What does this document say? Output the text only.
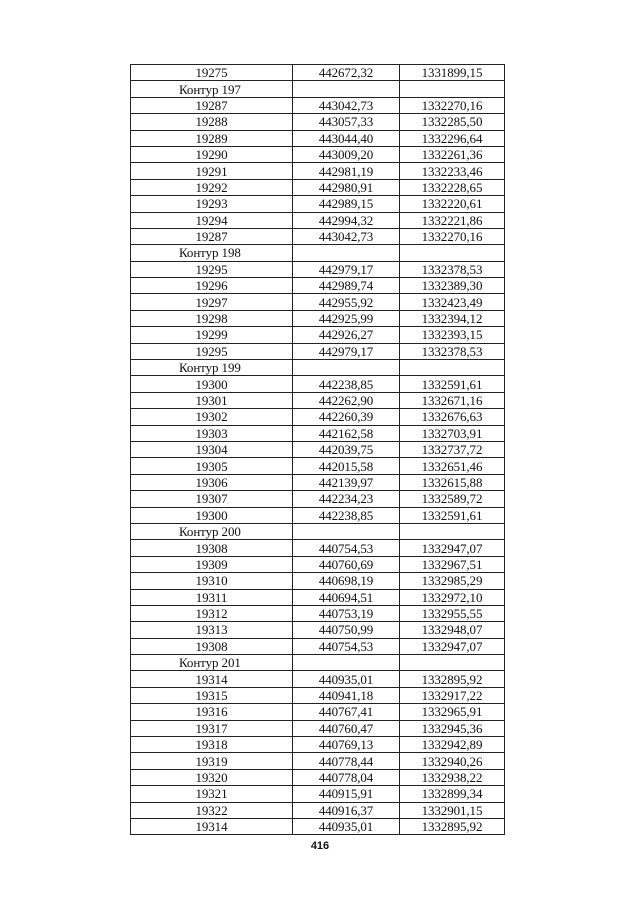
19275	442672,32	1331899,15
Контур 197		
19287	443042,73	1332270,16
19288	443057,33	1332285,50
19289	443044,40	1332296,64
19290	443009,20	1332261,36
19291	442981,19	1332233,46
19292	442980,91	1332228,65
19293	442989,15	1332220,61
19294	442994,32	1332221,86
19287	443042,73	1332270,16
Контур 198		
19295	442979,17	1332378,53
19296	442989,74	1332389,30
19297	442955,92	1332423,49
19298	442925,99	1332394,12
19299	442926,27	1332393,15
19295	442979,17	1332378,53
Контур 199		
19300	442238,85	1332591,61
19301	442262,90	1332671,16
19302	442260,39	1332676,63
19303	442162,58	1332703,91
19304	442039,75	1332737,72
19305	442015,58	1332651,46
19306	442139,97	1332615,88
19307	442234,23	1332589,72
19300	442238,85	1332591,61
Контур 200		
19308	440754,53	1332947,07
19309	440760,69	1332967,51
19310	440698,19	1332985,29
19311	440694,51	1332972,10
19312	440753,19	1332955,55
19313	440750,99	1332948,07
19308	440754,53	1332947,07
Контур 201		
19314	440935,01	1332895,92
19315	440941,18	1332917,22
19316	440767,41	1332965,91
19317	440760,47	1332945,36
19318	440769,13	1332942,89
19319	440778,44	1332940,26
19320	440778,04	1332938,22
19321	440915,91	1332899,34
19322	440916,37	1332901,15
19314	440935,01	1332895,92
416
